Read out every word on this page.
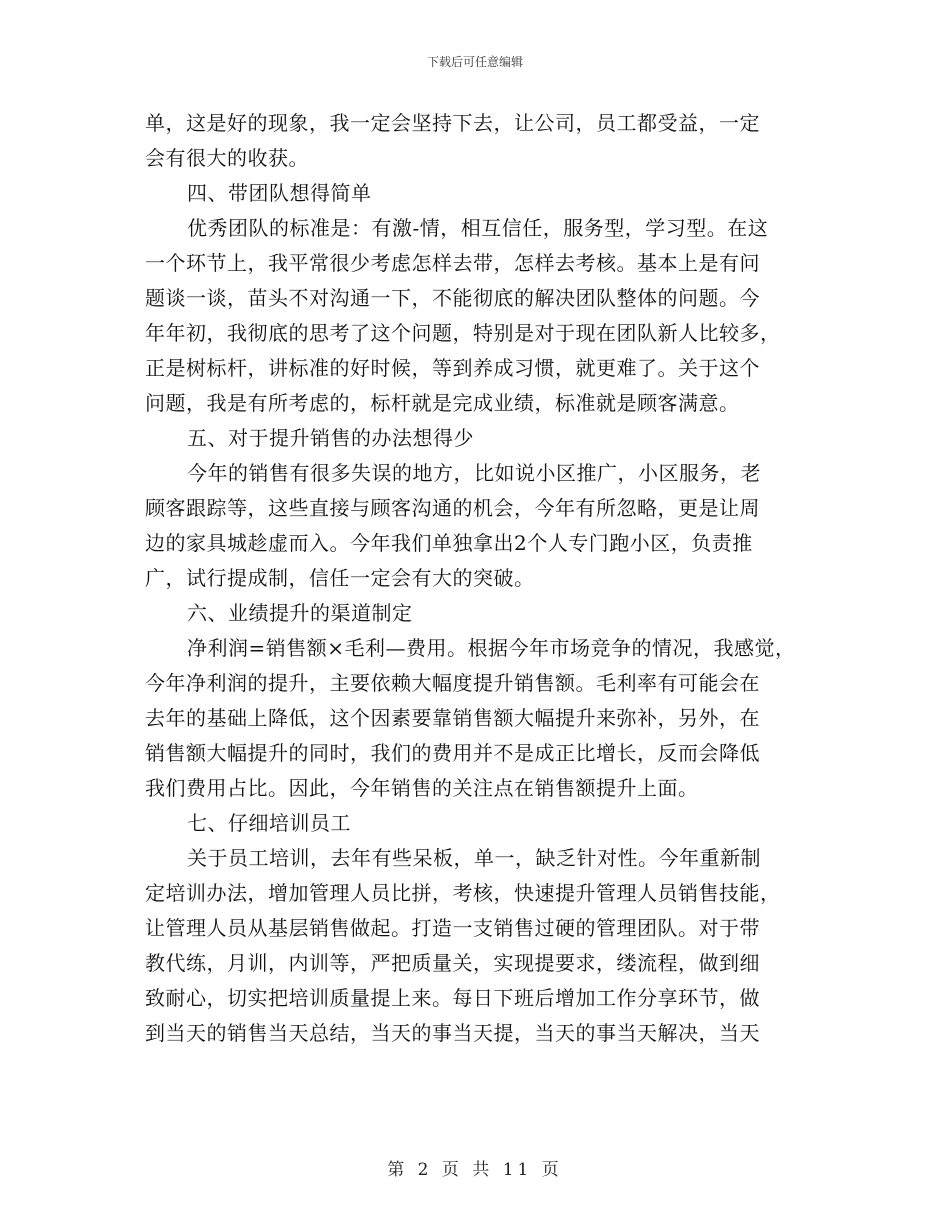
下载后可任意编辑
单，这是好的现象，我一定会坚持下去，让公司，员工都受益，一定
会有很大的收获。
四、带团队想得简单
优秀团队的标准是：有激-情，相互信任，服务型，学习型。在这
一个环节上，我平常很少考虑怎样去带，怎样去考核。基本上是有问
题谈一谈，苗头不对沟通一下，不能彻底的解决团队整体的问题。今
年年初，我彻底的思考了这个问题，特别是对于现在团队新人比较多，
正是树标杆，讲标准的好时候，等到养成习惯，就更难了。关于这个
问题，我是有所考虑的，标杆就是完成业绩，标准就是顾客满意。
五、对于提升销售的办法想得少
今年的销售有很多失误的地方，比如说小区推广，小区服务，老
顾客跟踪等，这些直接与顾客沟通的机会，今年有所忽略，更是让周
边的家具城趁虚而入。今年我们单独拿出2个人专门跑小区，负责推
广，试行提成制，信任一定会有大的突破。
六、业绩提升的渠道制定
净利润=销售额×毛利—费用。根据今年市场竞争的情况，我感觉，
今年净利润的提升，主要依赖大幅度提升销售额。毛利率有可能会在
去年的基础上降低，这个因素要靠销售额大幅提升来弥补，另外，在
销售额大幅提升的同时，我们的费用并不是成正比增长，反而会降低
我们费用占比。因此，今年销售的关注点在销售额提升上面。
七、仔细培训员工
关于员工培训，去年有些呆板，单一，缺乏针对性。今年重新制
定培训办法，增加管理人员比拼，考核，快速提升管理人员销售技能，
让管理人员从基层销售做起。打造一支销售过硬的管理团队。对于带
教代练，月训，内训等，严把质量关，实现提要求，缕流程，做到细
致耐心，切实把培训质量提上来。每日下班后增加工作分享环节，做
到当天的销售当天总结，当天的事当天提，当天的事当天解决，当天
第 2 页 共 11 页
